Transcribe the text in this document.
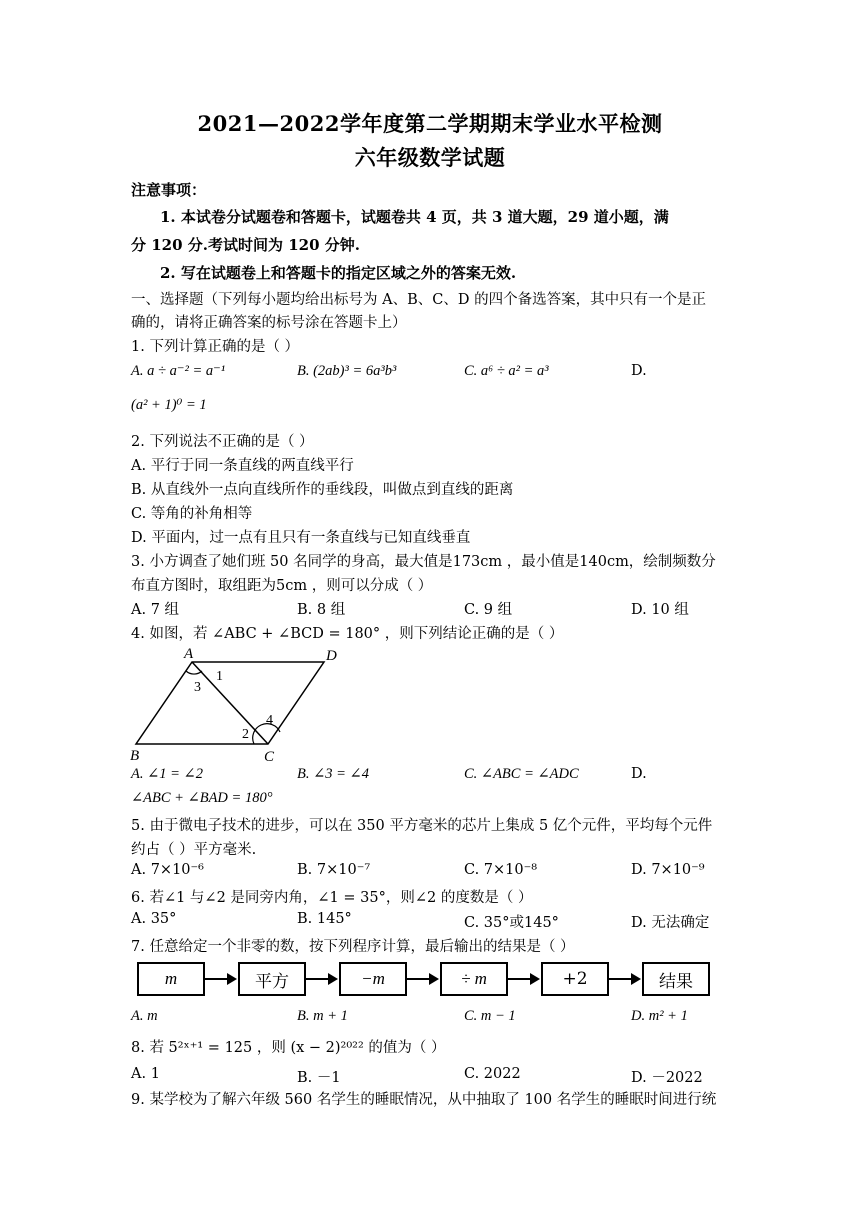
2021—2022学年度第二学期期末学业水平检测
六年级数学试题
注意事项：
1. 本试卷分试题卷和答题卡，试题卷共 4 页，共 3 道大题，29 道小题，满
分 120 分.考试时间为 120 分钟.
2. 写在试题卷上和答题卡的指定区域之外的答案无效.
一、选择题（下列每小题均给出标号为 A、B、C、D 的四个备选答案，其中只有一个是正
确的，请将正确答案的标号涂在答题卡上）
1. 下列计算正确的是（ ）
A. a ÷ a⁻² = a⁻¹	B. (2ab)³ = 6a³b³	C. a⁶ ÷ a² = a³	D.
(a² + 1)⁰ = 1
2. 下列说法不正确的是（ ）
A. 平行于同一条直线的两直线平行
B. 从直线外一点向直线所作的垂线段，叫做点到直线的距离
C. 等角的补角相等
D. 平面内，过一点有且只有一条直线与已知直线垂直
3. 小方调查了她们班 50 名同学的身高，最大值是173cm ，最小值是140cm，绘制频数分
布直方图时，取组距为5cm ，则可以分成（ ）
A. 7 组	B. 8 组	C. 9 组	D. 10 组
4. 如图，若 ∠ABC + ∠BCD = 180° ，则下列结论正确的是（ ）
A	D
B	C
1
3
2
4
A. ∠1 = ∠2	B. ∠3 = ∠4	C. ∠ABC = ∠ADC	D.
∠ABC + ∠BAD = 180°
5. 由于微电子技术的进步，可以在 350 平方毫米的芯片上集成 5 亿个元件，平均每个元件
约占（ ）平方毫米.
A. 7×10⁻⁶	B. 7×10⁻⁷	C. 7×10⁻⁸	D. 7×10⁻⁹
6. 若∠1 与∠2 是同旁内角，∠1 = 35°，则∠2 的度数是（ ）
A. 35°	B. 145°	C. 35°或145°	D. 无法确定
7. 任意给定一个非零的数，按下列程序计算，最后输出的结果是（ ）
m	平方	−m	÷ m	+2	结果
A. m	B. m + 1	C. m − 1	D. m² + 1
8. 若 5²ˣ⁺¹ = 125 ，则 (x − 2)²⁰²² 的值为（ ）
A. 1	B. －1	C. 2022	D. －2022
9. 某学校为了解六年级 560 名学生的睡眠情况，从中抽取了 100 名学生的睡眠时间进行统
